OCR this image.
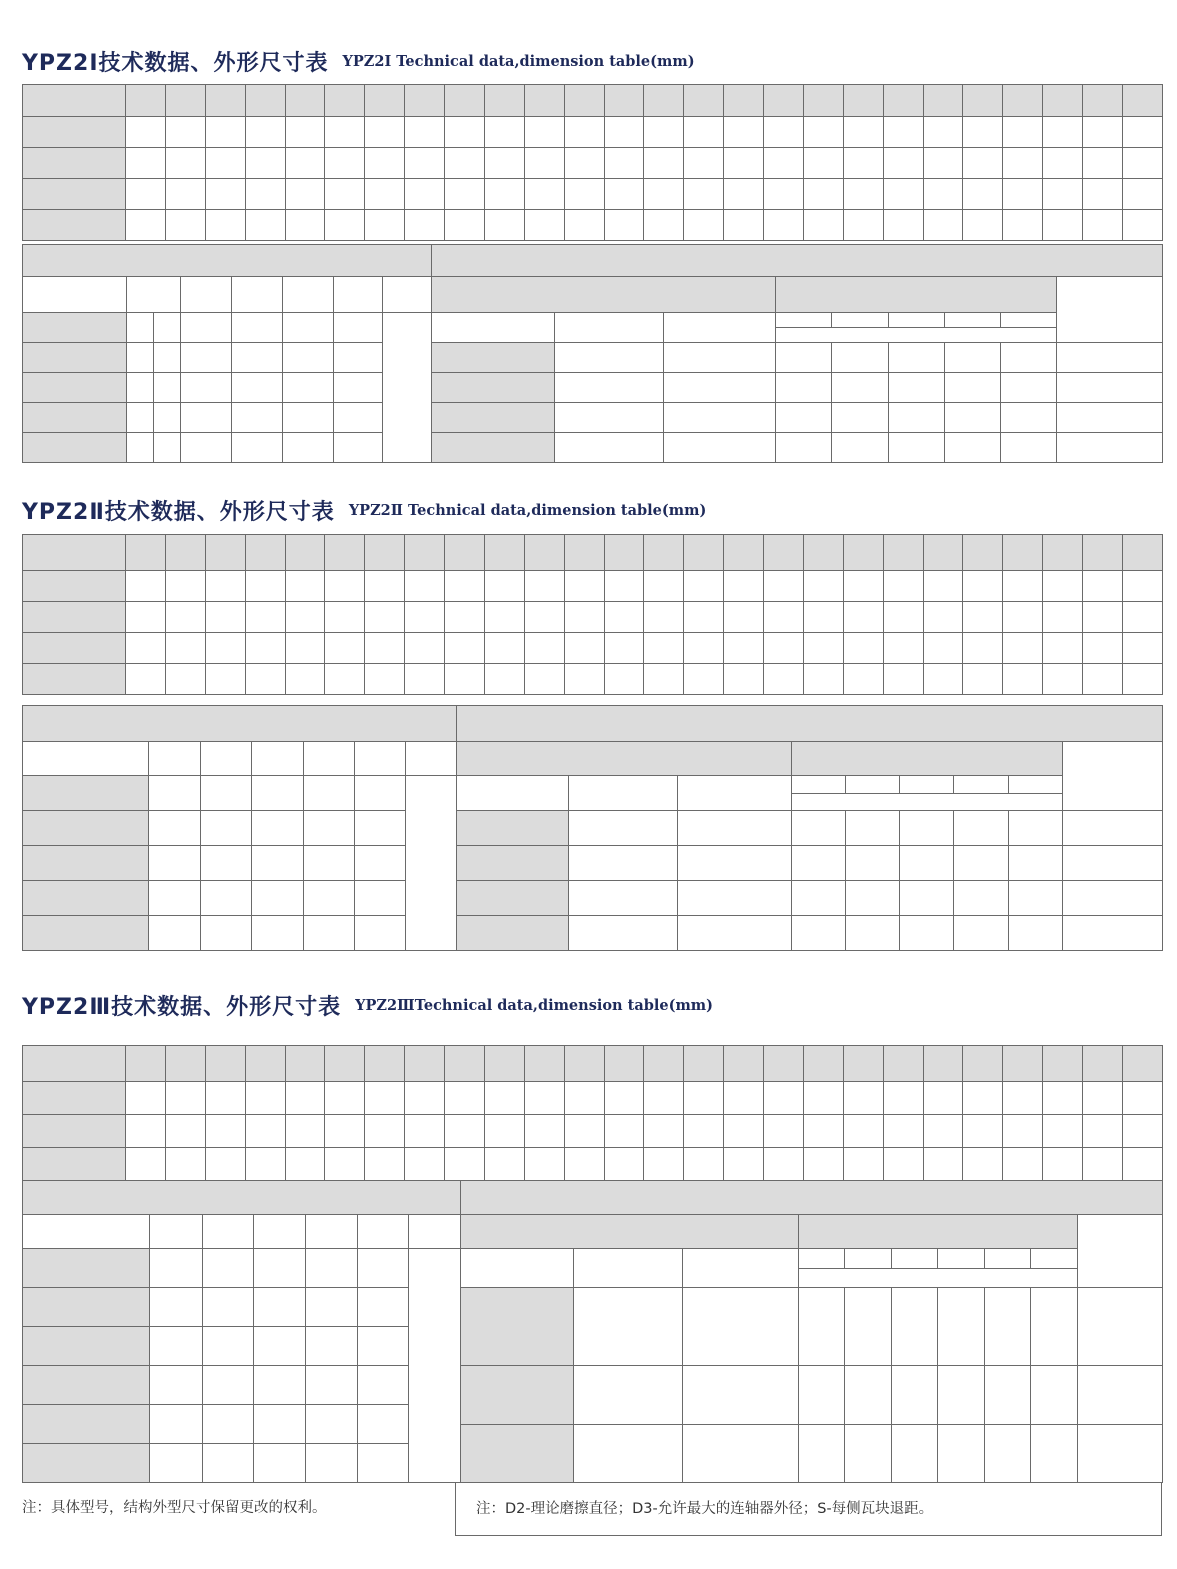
YPZ2Ⅰ技术数据、外形尺寸表 YPZ2Ⅰ Technical data,dimension table(mm)

YPZ2Ⅱ技术数据、外形尺寸表 YPZ2Ⅱ Technical data,dimension table(mm)

YPZ2Ⅲ技术数据、外形尺寸表 YPZ2ⅢTechnical data,dimension table(mm)

注：D2-理论磨擦直径；D3-允许最大的连轴器外径；S-每侧瓦块退距。
注：具体型号，结构外型尺寸保留更改的权利。
